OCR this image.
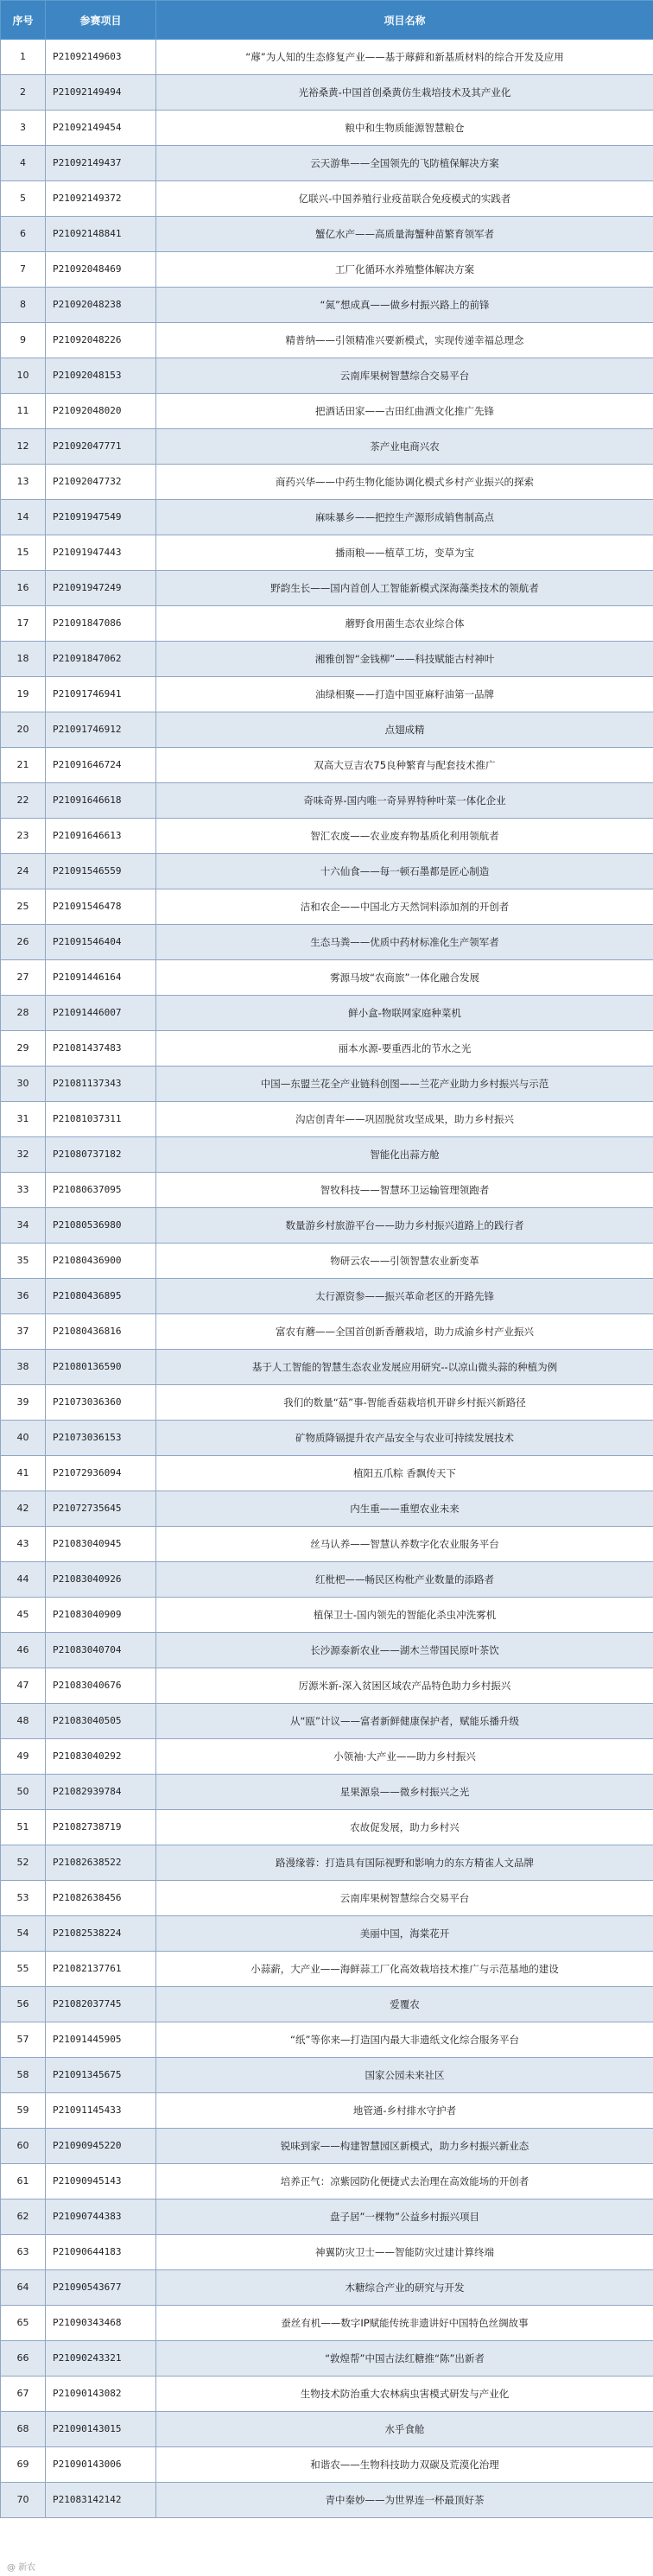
序号	参赛项目	项目名称
1	P21092149603	“蓐”为人知的生态修复产业——基于蓐藓和新基质材料的综合开发及应用
2	P21092149494	光裕桑黄-中国首创桑黄仿生栽培技术及其产业化
3	P21092149454	粮中和生物质能源智慧粮仓
4	P21092149437	云天游隼——全国领先的飞防植保解决方案
5	P21092149372	亿联兴-中国养殖行业疫苗联合免疫模式的实践者
6	P21092148841	蟹亿水产——高质量海蟹种苗繁育领军者
7	P21092048469	工厂化循环水养殖整体解决方案
8	P21092048238	“氮”想成真——做乡村振兴路上的前锋
9	P21092048226	精普纳——引领精准兴要新模式，实现传递幸福总理念
10	P21092048153	云南库果树智慧综合交易平台
11	P21092048020	把酒话田家——古田红曲酒文化推广先锋
12	P21092047771	茶产业电商兴农
13	P21092047732	商药兴华——中药生物化能协调化模式乡村产业振兴的探索
14	P21091947549	麻味暴乡——把控生产源形成销售制高点
15	P21091947443	播雨粮——植草工坊，变草为宝
16	P21091947249	野韵生长——国内首创人工智能新模式深海藻类技术的领航者
17	P21091847086	蘑野食用菌生态农业综合体
18	P21091847062	湘雅创智“金钱柳”——科技赋能古村神叶
19	P21091746941	油绿相聚——打造中国亚麻籽油第一品牌
20	P21091746912	点翅成精
21	P21091646724	双高大豆吉农75良种繁育与配套技术推广
22	P21091646618	奇味奇界-国内唯一奇异界特种叶菜一体化企业
23	P21091646613	智汇农废——农业废弃物基质化利用领航者
24	P21091546559	十六仙食——每一顿石墨都是匠心制造
25	P21091546478	洁和农企——中国北方天然饲料添加剂的开创者
26	P21091546404	生态马粪——优质中药材标准化生产领军者
27	P21091446164	雾源马坡“农商旅”一体化融合发展
28	P21091446007	鲜小盒-物联网家庭种菜机
29	P21081437483	丽本水源-要重西北的节水之光
30	P21081137343	中国—东盟兰花全产业链科创图——兰花产业助力乡村振兴与示范
31	P21081037311	沟店创青年——巩固脱贫攻坚成果，助力乡村振兴
32	P21080737182	智能化出蒜方舱
33	P21080637095	智牧科技——智慧环卫运输管理领跑者
34	P21080536980	数量游乡村旅游平台——助力乡村振兴道路上的践行者
35	P21080436900	物研云农——引领智慧农业新变革
36	P21080436895	太行源资参——振兴革命老区的开路先锋
37	P21080436816	富农有蘑——全国首创新香蘑栽培，助力成渝乡村产业振兴
38	P21080136590	基于人工智能的智慧生态农业发展应用研究--以凉山微头蒜的种植为例
39	P21073036360	我们的数量“菇”事-智能香菇栽培机开辟乡村振兴新路径
40	P21073036153	矿物质降镉提升农产品安全与农业可持续发展技术
41	P21072936094	植阳五爪粽 香飘传天下
42	P21072735645	内生重——重塑农业未来
43	P21083040945	丝马认养——智慧认养数字化农业服务平台
44	P21083040926	红枇杷——畅民区构枇产业数量的添路者
45	P21083040909	植保卫士-国内领先的智能化杀虫冲洗雾机
46	P21083040704	长沙源泰新农业——湖木兰带国民原叶茶饮
47	P21083040676	厉源米新-深入贫困区域农产品特色助力乡村振兴
48	P21083040505	从“瓯”计议——富者新鲜健康保护者，赋能乐播升级
49	P21083040292	小领袖·大产业——助力乡村振兴
50	P21082939784	星果源泉——微乡村振兴之光
51	P21082738719	农故促发展，助力乡村兴
52	P21082638522	路漫缘蓉：打造具有国际视野和影响力的东方精雀人文品牌
53	P21082638456	云南库果树智慧综合交易平台
54	P21082538224	美丽中国，海棠花开
55	P21082137761	小蒜薪，大产业——海鲜蒜工厂化高效栽培技术推广与示范基地的建设
56	P21082037745	爱覆农
57	P21091445905	“纸”等你来—打造国内最大非遗纸文化综合服务平台
58	P21091345675	国家公园未来社区
59	P21091145433	地管通-乡村排水守护者
60	P21090945220	锐味到家——构建智慧园区新模式，助力乡村振兴新业态
61	P21090945143	培养正气：凉紫园防化便捷式去治理在高效能场的开创者
62	P21090744383	盘子居”一棵物”公益乡村振兴项目
63	P21090644183	神翼防灾卫士——智能防灾过建计算终端
64	P21090543677	木糖综合产业的研究与开发
65	P21090343468	蚕丝有机——数字IP赋能传统非遗讲好中国特色丝绸故事
66	P21090243321	“敦煌帮”中国古法红糖推“陈”出新者
67	P21090143082	生物技术防治重大农林病虫害模式研发与产业化
68	P21090143015	水乎食舱
69	P21090143006	和谐农——生物科技助力双碳及荒漠化治理
70	P21083142142	青中秦妙——为世界连一杯最顶好茶
@ 新农
